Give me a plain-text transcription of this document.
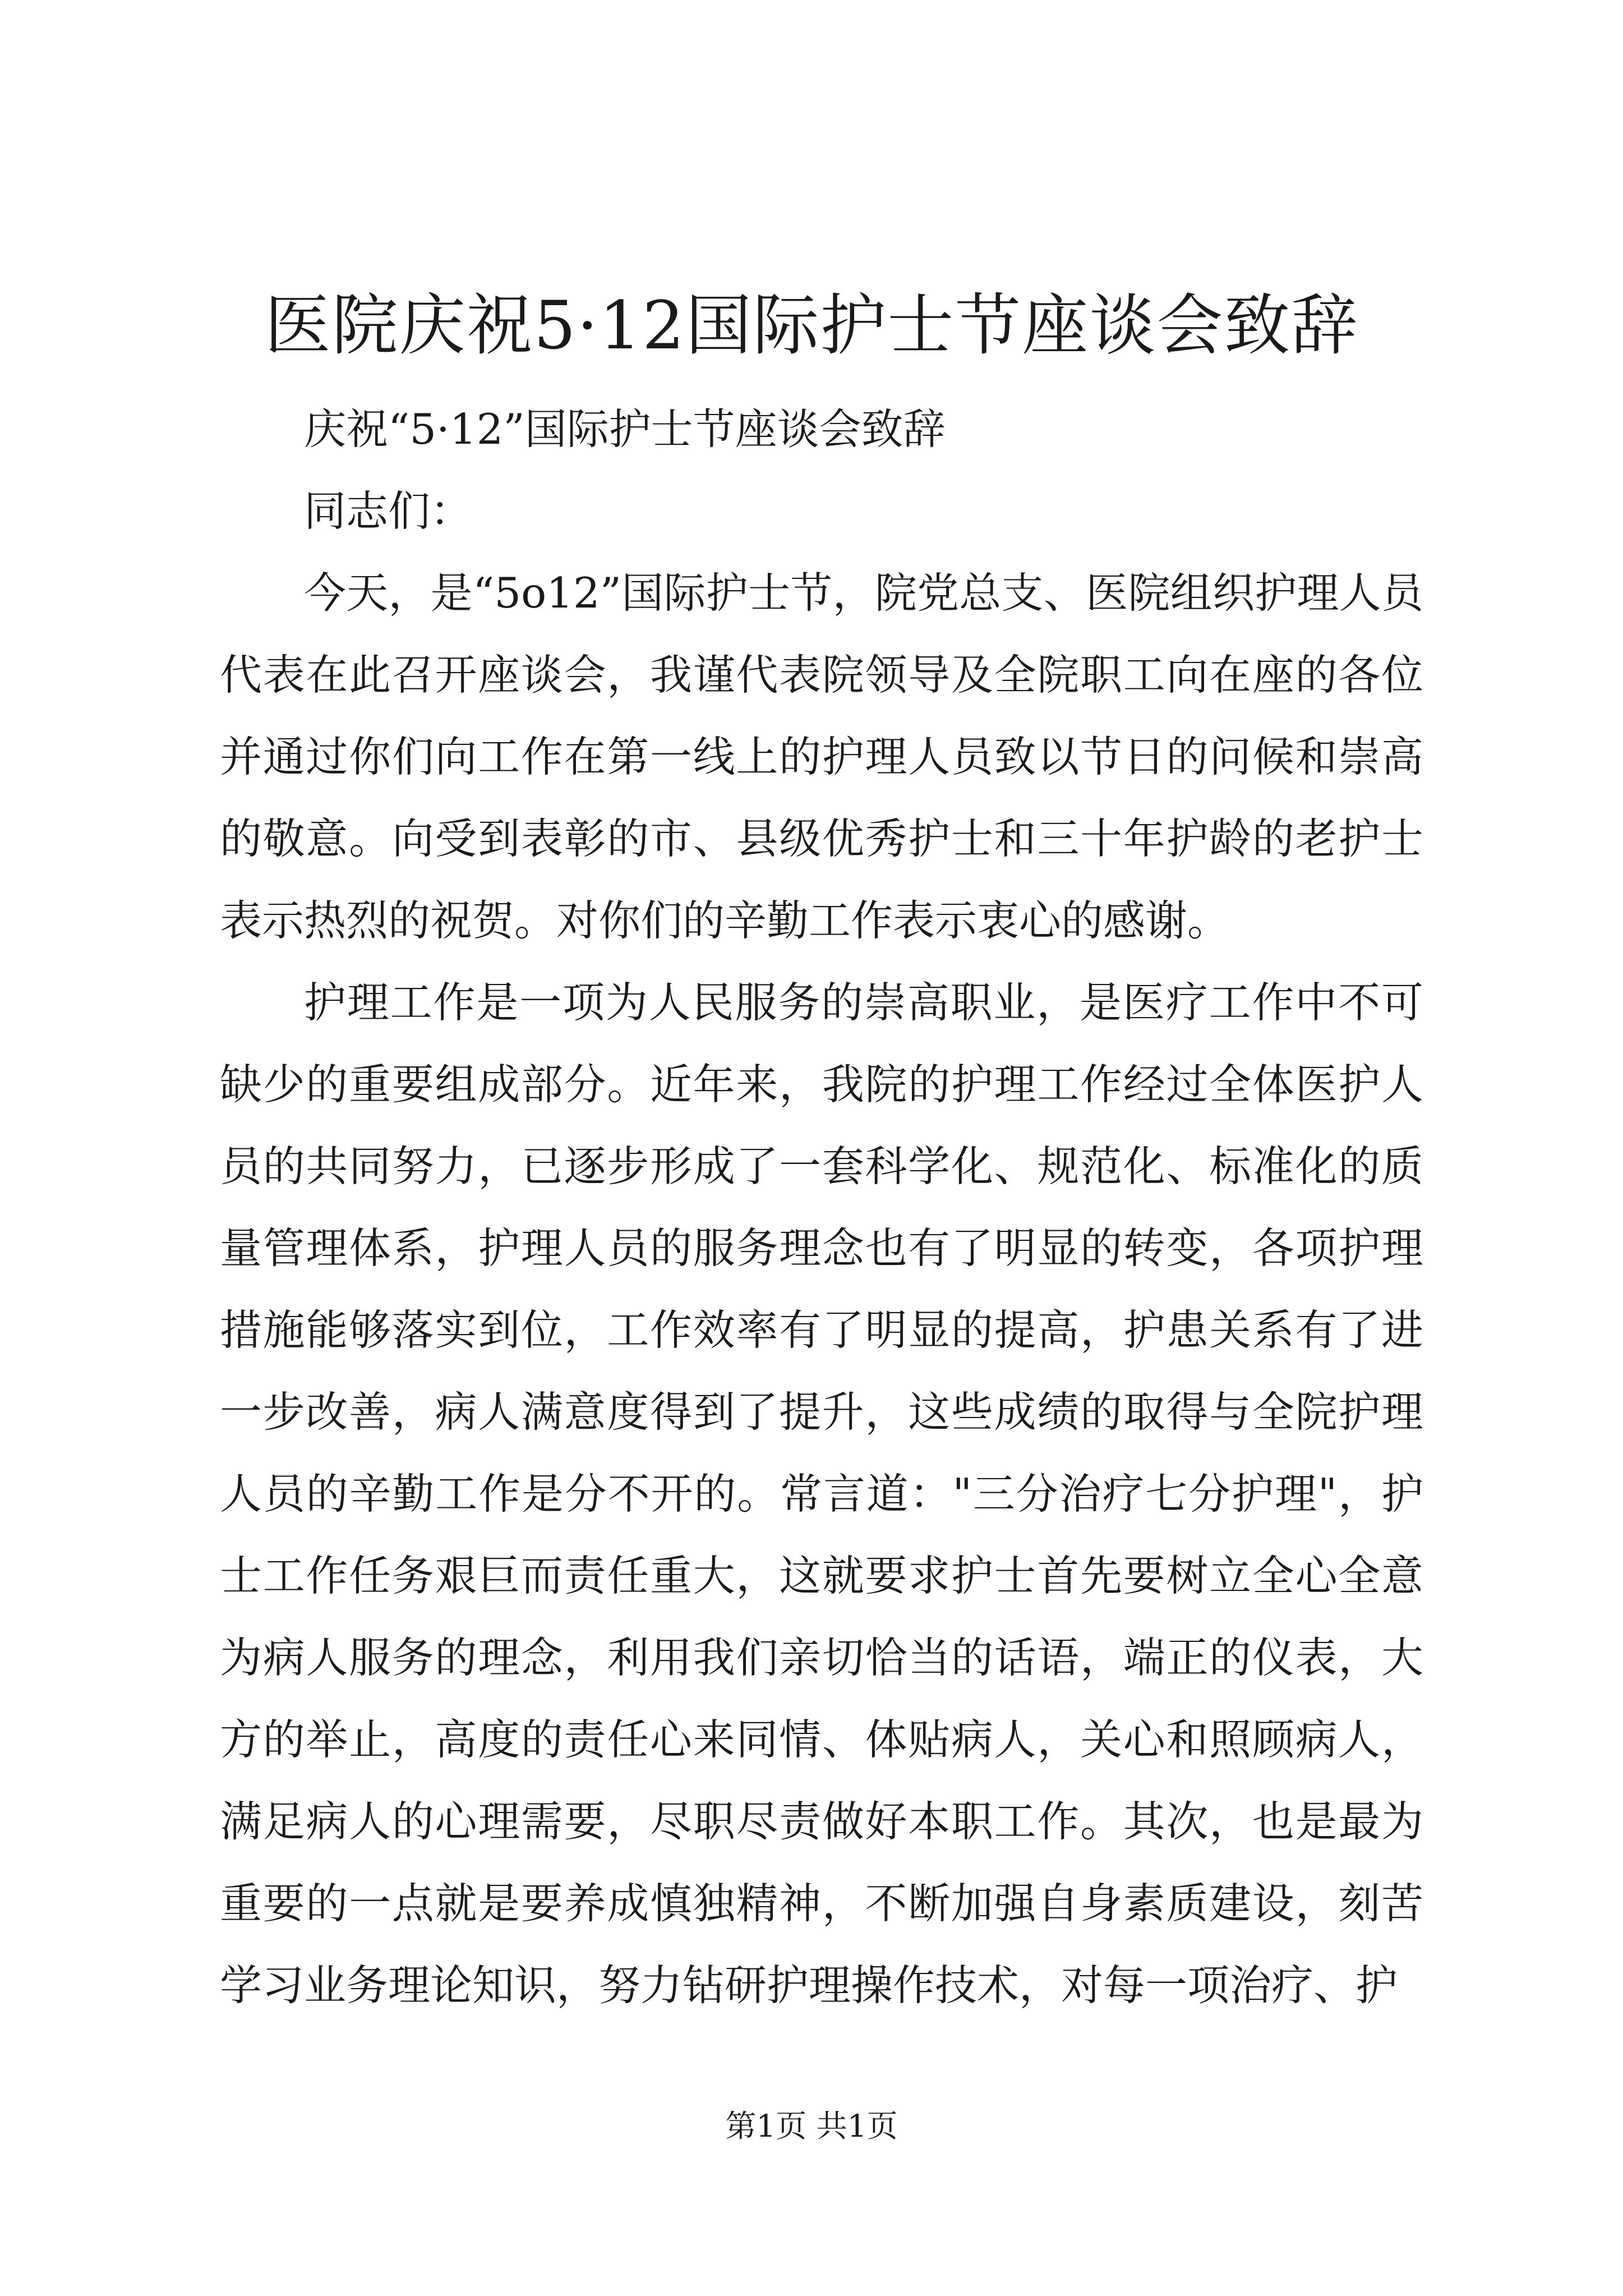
医院庆祝5·12国际护士节座谈会致辞

庆祝“5·12”国际护士节座谈会致辞

同志们：

今天，是“5o12”国际护士节，院党总支、医院组织护理人员代表在此召开座谈会，我谨代表院领导及全院职工向在座的各位并通过你们向工作在第一线上的护理人员致以节日的问候和崇高的敬意。向受到表彰的市、县级优秀护士和三十年护龄的老护士表示热烈的祝贺。对你们的辛勤工作表示衷心的感谢。

护理工作是一项为人民服务的崇高职业，是医疗工作中不可缺少的重要组成部分。近年来，我院的护理工作经过全体医护人员的共同努力，已逐步形成了一套科学化、规范化、标准化的质量管理体系，护理人员的服务理念也有了明显的转变，各项护理措施能够落实到位，工作效率有了明显的提高，护患关系有了进一步改善，病人满意度得到了提升，这些成绩的取得与全院护理人员的辛勤工作是分不开的。常言道："三分治疗七分护理"，护士工作任务艰巨而责任重大，这就要求护士首先要树立全心全意为病人服务的理念，利用我们亲切恰当的话语，端正的仪表，大方的举止，高度的责任心来同情、体贴病人，关心和照顾病人，满足病人的心理需要，尽职尽责做好本职工作。其次，也是最为重要的一点就是要养成慎独精神，不断加强自身素质建设，刻苦学习业务理论知识，努力钻研护理操作技术，对每一项治疗、护

第1页 共1页
